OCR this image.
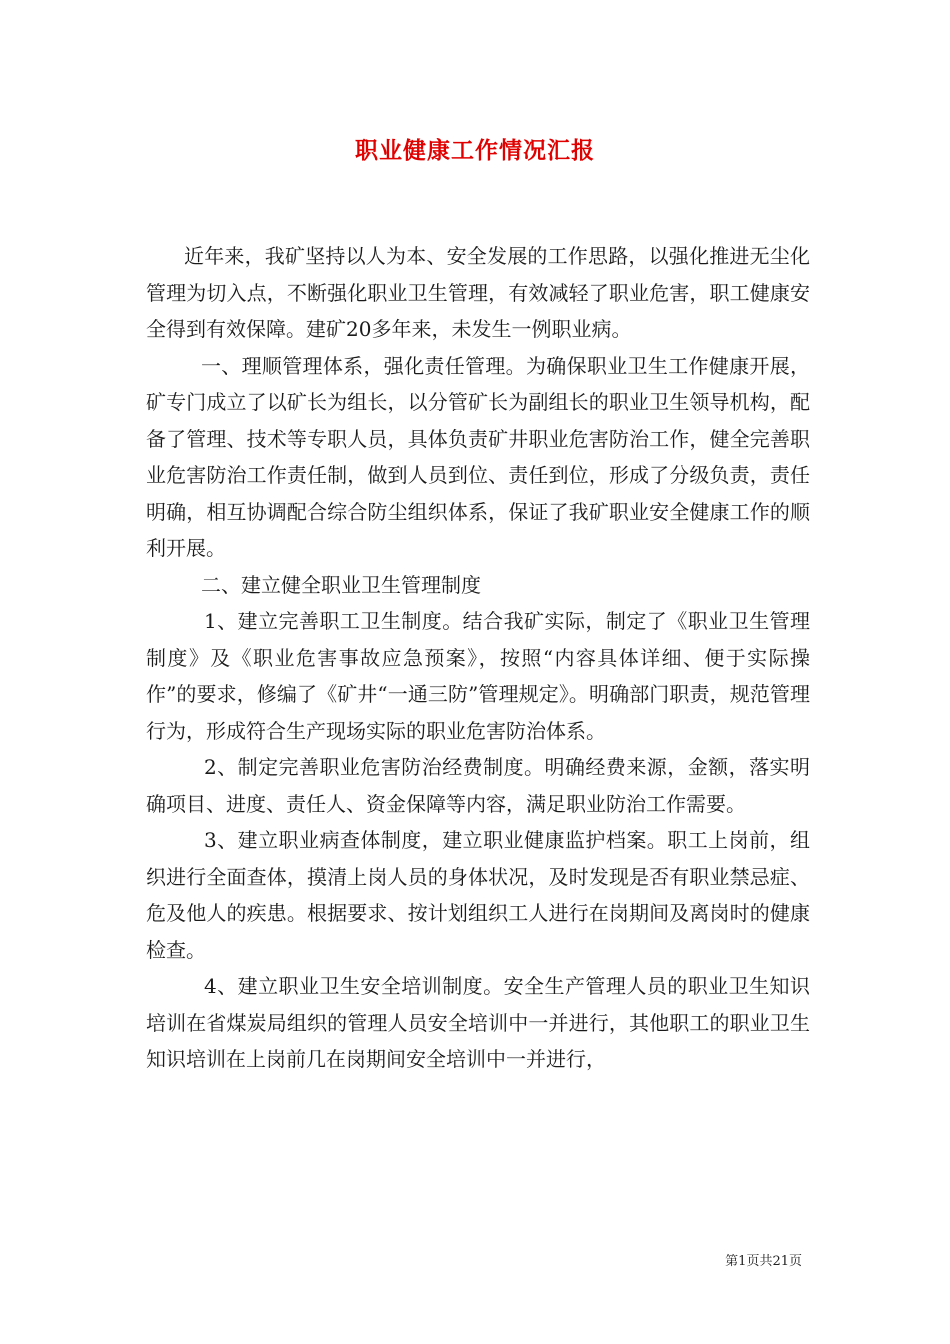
职业健康工作情况汇报

近年来，我矿坚持以人为本、安全发展的工作思路，以强化推进无尘化管理为切入点，不断强化职业卫生管理，有效减轻了职业危害，职工健康安全得到有效保障。建矿20多年来，未发生一例职业病。

一、理顺管理体系，强化责任管理。为确保职业卫生工作健康开展，矿专门成立了以矿长为组长，以分管矿长为副组长的职业卫生领导机构，配备了管理、技术等专职人员，具体负责矿井职业危害防治工作，健全完善职业危害防治工作责任制，做到人员到位、责任到位，形成了分级负责，责任明确，相互协调配合综合防尘组织体系，保证了我矿职业安全健康工作的顺利开展。

二、建立健全职业卫生管理制度

1、建立完善职工卫生制度。结合我矿实际，制定了《职业卫生管理制度》及《职业危害事故应急预案》，按照“内容具体详细、便于实际操作”的要求，修编了《矿井“一通三防”管理规定》。明确部门职责，规范管理行为，形成符合生产现场实际的职业危害防治体系。

2、制定完善职业危害防治经费制度。明确经费来源，金额，落实明确项目、进度、责任人、资金保障等内容，满足职业防治工作需要。

3、建立职业病查体制度，建立职业健康监护档案。职工上岗前，组织进行全面查体，摸清上岗人员的身体状况，及时发现是否有职业禁忌症、危及他人的疾患。根据要求、按计划组织工人进行在岗期间及离岗时的健康检查。

4、建立职业卫生安全培训制度。安全生产管理人员的职业卫生知识培训在省煤炭局组织的管理人员安全培训中一并进行，其他职工的职业卫生知识培训在上岗前几在岗期间安全培训中一并进行，

第1页共21页
